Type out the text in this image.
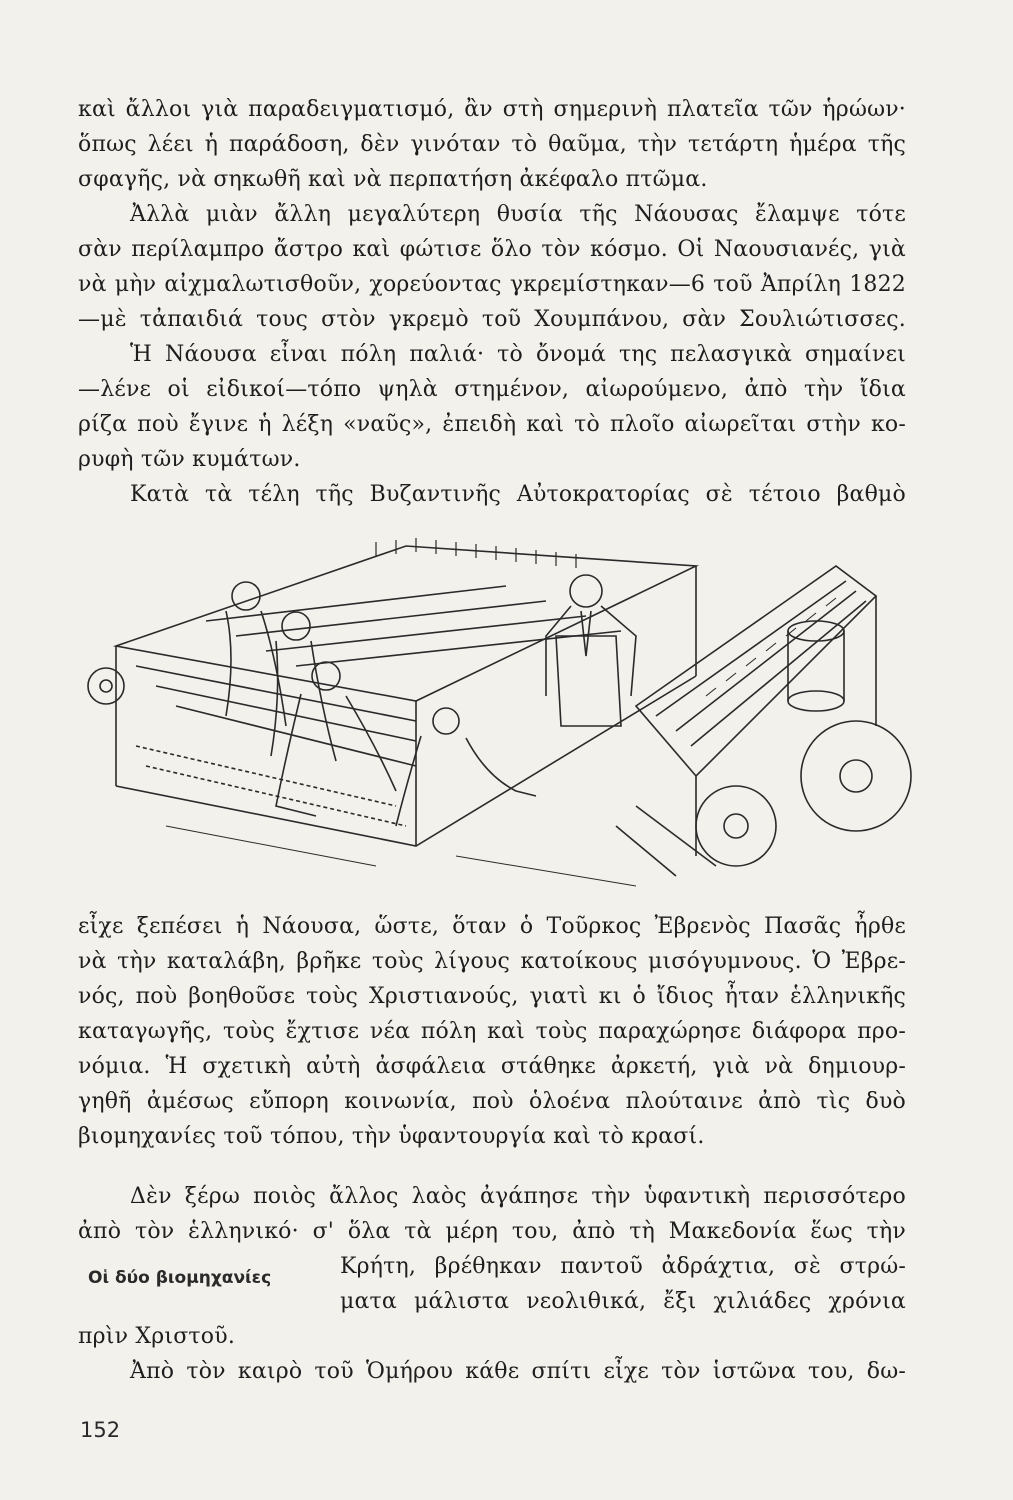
καὶ ἄλλοι γιὰ παραδειγματισμό, ἂν στὴ σημερινὴ πλατεῖα τῶν ἡρώων·
ὅπως λέει ἡ παράδοση, δὲν γινόταν τὸ θαῦμα, τὴν τετάρτη ἡμέρα τῆς
σφαγῆς, νὰ σηκωθῆ καὶ νὰ περπατήση ἀκέφαλο πτῶμα.
Ἀλλὰ μιὰν ἄλλη μεγαλύτερη θυσία τῆς Νάουσας ἔλαμψε τότε
σὰν περίλαμπρο ἄστρο καὶ φώτισε ὅλο τὸν κόσμο. Οἱ Ναουσιανές, γιὰ
νὰ μὴν αἰχμαλωτισθοῦν, χορεύοντας γκρεμίστηκαν—6 τοῦ Ἀπρίλη 1822
—μὲ τἀπαιδιά τους στὸν γκρεμὸ τοῦ Χουμπάνου, σὰν Σουλιώτισσες.
Ἡ Νάουσα εἶναι πόλη παλιά· τὸ ὄνομά της πελασγικὰ σημαίνει
—λένε οἱ εἰδικοί—τόπο ψηλὰ στημένον, αἰωρούμενο, ἀπὸ τὴν ἴδια
ρίζα ποὺ ἔγινε ἡ λέξη «ναῦς», ἐπειδὴ καὶ τὸ πλοῖο αἰωρεῖται στὴν κο-
ρυφὴ τῶν κυμάτων.
Κατὰ τὰ τέλη τῆς Βυζαντινῆς Αὐτοκρατορίας σὲ τέτοιο βαθμὸ
εἶχε ξεπέσει ἡ Νάουσα, ὥστε, ὅταν ὁ Τοῦρκος Ἐβρενὸς Πασᾶς ἦρθε
νὰ τὴν καταλάβη, βρῆκε τοὺς λίγους κατοίκους μισόγυμνους. Ὁ Ἐβρε-
νός, ποὺ βοηθοῦσε τοὺς Χριστιανούς, γιατὶ κι ὁ ἴδιος ἦταν ἑλληνικῆς
καταγωγῆς, τοὺς ἔχτισε νέα πόλη καὶ τοὺς παραχώρησε διάφορα προ-
νόμια. Ἡ σχετικὴ αὐτὴ ἀσφάλεια στάθηκε ἀρκετή, γιὰ νὰ δημιουρ-
γηθῆ ἀμέσως εὔπορη κοινωνία, ποὺ ὁλοένα πλούταινε ἀπὸ τὶς δυὸ
βιομηχανίες τοῦ τόπου, τὴν ὑφαντουργία καὶ τὸ κρασί.
Δὲν ξέρω ποιὸς ἄλλος λαὸς ἀγάπησε τὴν ὑφαντικὴ περισσότερο
ἀπὸ τὸν ἑλληνικό· σ' ὅλα τὰ μέρη του, ἀπὸ τὴ Μακεδονία ἕως τὴν
Κρήτη, βρέθηκαν παντοῦ ἀδράχτια, σὲ στρώ-
ματα μάλιστα νεολιθικά, ἔξι χιλιάδες χρόνια
πρὶν Χριστοῦ.
Οἱ δύο βιομηχανίες
Ἀπὸ τὸν καιρὸ τοῦ Ὁμήρου κάθε σπίτι εἶχε τὸν ἱστῶνα του, δω-
152
